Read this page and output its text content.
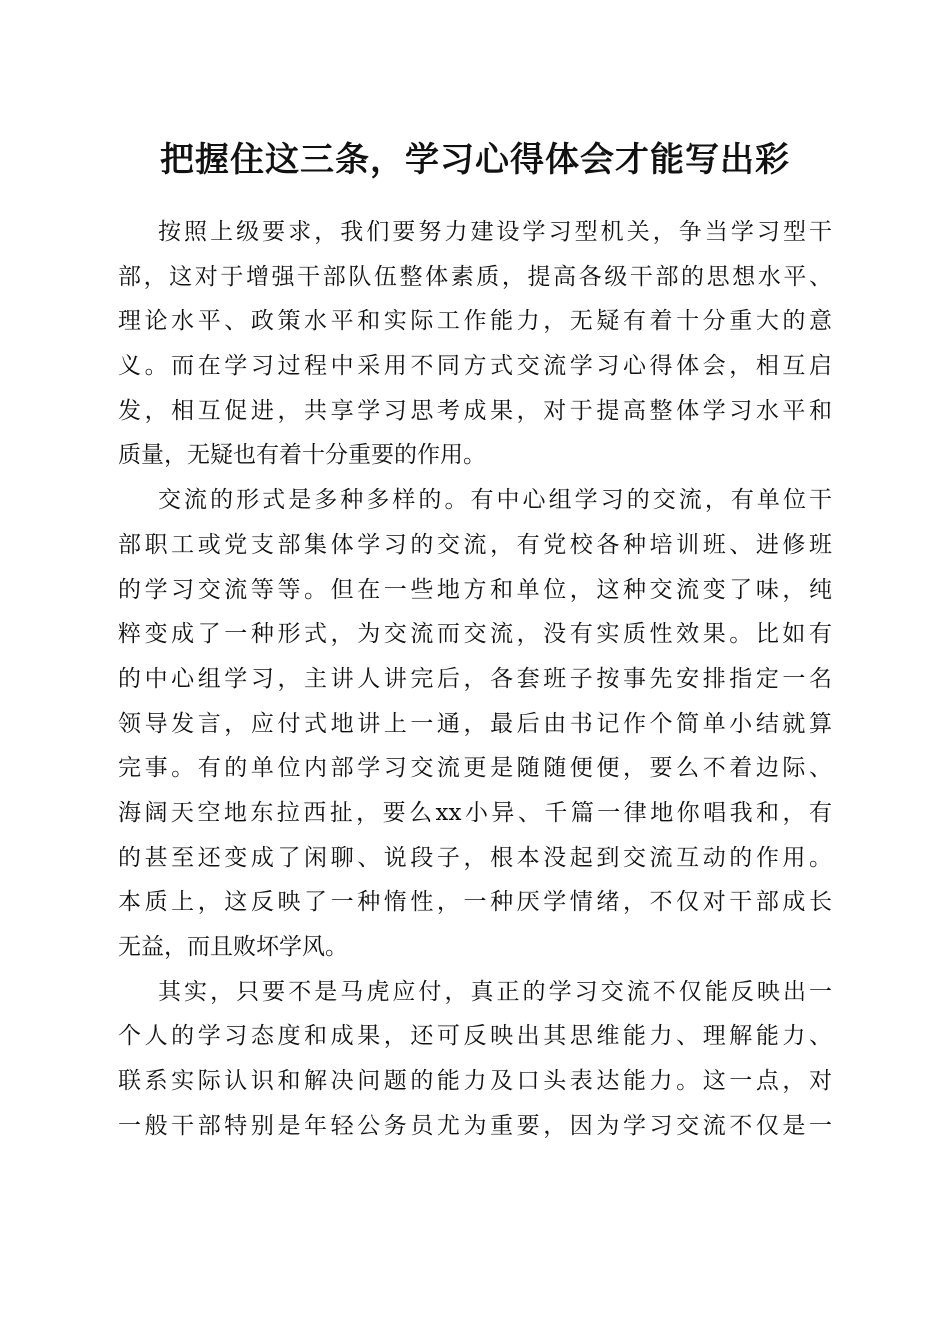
把握住这三条，学习心得体会才能写出彩
按照上级要求，我们要努力建设学习型机关，争当学习型干
部，这对于增强干部队伍整体素质，提高各级干部的思想水平、
理论水平、政策水平和实际工作能力，无疑有着十分重大的意
义。而在学习过程中采用不同方式交流学习心得体会，相互启
发，相互促进，共享学习思考成果，对于提高整体学习水平和
质量，无疑也有着十分重要的作用。
交流的形式是多种多样的。有中心组学习的交流，有单位干
部职工或党支部集体学习的交流，有党校各种培训班、进修班
的学习交流等等。但在一些地方和单位，这种交流变了味，纯
粹变成了一种形式，为交流而交流，没有实质性效果。比如有
的中心组学习，主讲人讲完后，各套班子按事先安排指定一名
领导发言，应付式地讲上一通，最后由书记作个简单小结就算
完事。有的单位内部学习交流更是随随便便，要么不着边际、
海阔天空地东拉西扯，要么xx小异、千篇一律地你唱我和，有
的甚至还变成了闲聊、说段子，根本没起到交流互动的作用。
本质上，这反映了一种惰性，一种厌学情绪，不仅对干部成长
无益，而且败坏学风。
其实，只要不是马虎应付，真正的学习交流不仅能反映出一
个人的学习态度和成果，还可反映出其思维能力、理解能力、
联系实际认识和解决问题的能力及口头表达能力。这一点，对
一般干部特别是年轻公务员尤为重要，因为学习交流不仅是一
